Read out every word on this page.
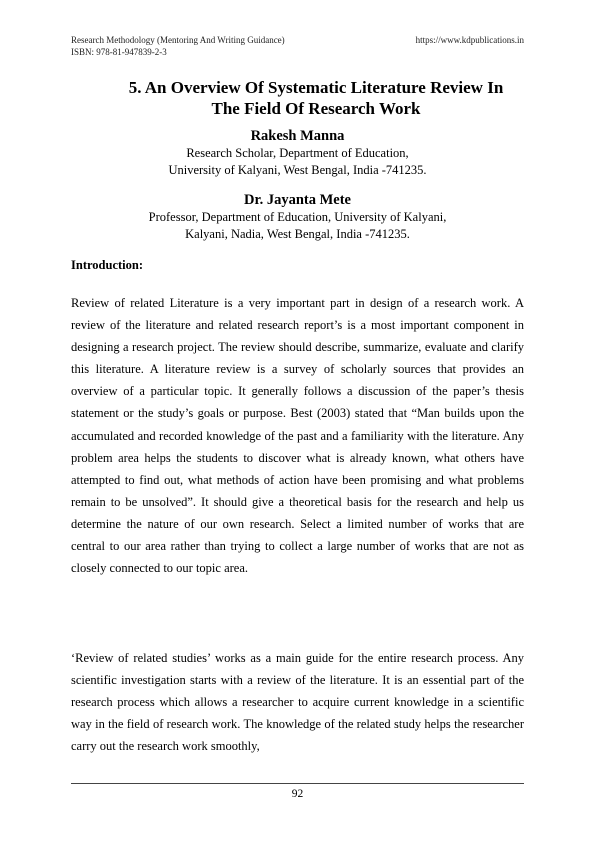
Research Methodology (Mentoring And Writing Guidance)
ISBN: 978-81-947839-2-3
https://www.kdpublications.in
5. An Overview Of Systematic Literature Review In
The Field Of Research Work
Rakesh Manna
Research Scholar, Department of Education,
University of Kalyani, West Bengal, India -741235.
Dr. Jayanta Mete
Professor, Department of Education, University of Kalyani,
Kalyani, Nadia, West Bengal, India -741235.
Introduction:

Review of related Literature is a very important part in design of a research work. A review of the literature and related research report’s is a most important component in designing a research project. The review should describe, summarize, evaluate and clarify this literature. A literature review is a survey of scholarly sources that provides an overview of a particular topic. It generally follows a discussion of the paper’s thesis statement or the study’s goals or purpose. Best (2003) stated that “Man builds upon the accumulated and recorded knowledge of the past and a familiarity with the literature. Any problem area helps the students to discover what is already known, what others have attempted to find out, what methods of action have been promising and what problems remain to be unsolved”. It should give a theoretical basis for the research and help us determine the nature of our own research. Select a limited number of works that are central to our area rather than trying to collect a large number of works that are not as closely connected to our topic area.

‘Review of related studies’ works as a main guide for the entire research process. Any scientific investigation starts with a review of the literature. It is an essential part of the research process which allows a researcher to acquire current knowledge in a scientific way in the field of research work. The knowledge of the related study helps the researcher carry out the research work smoothly,

92
